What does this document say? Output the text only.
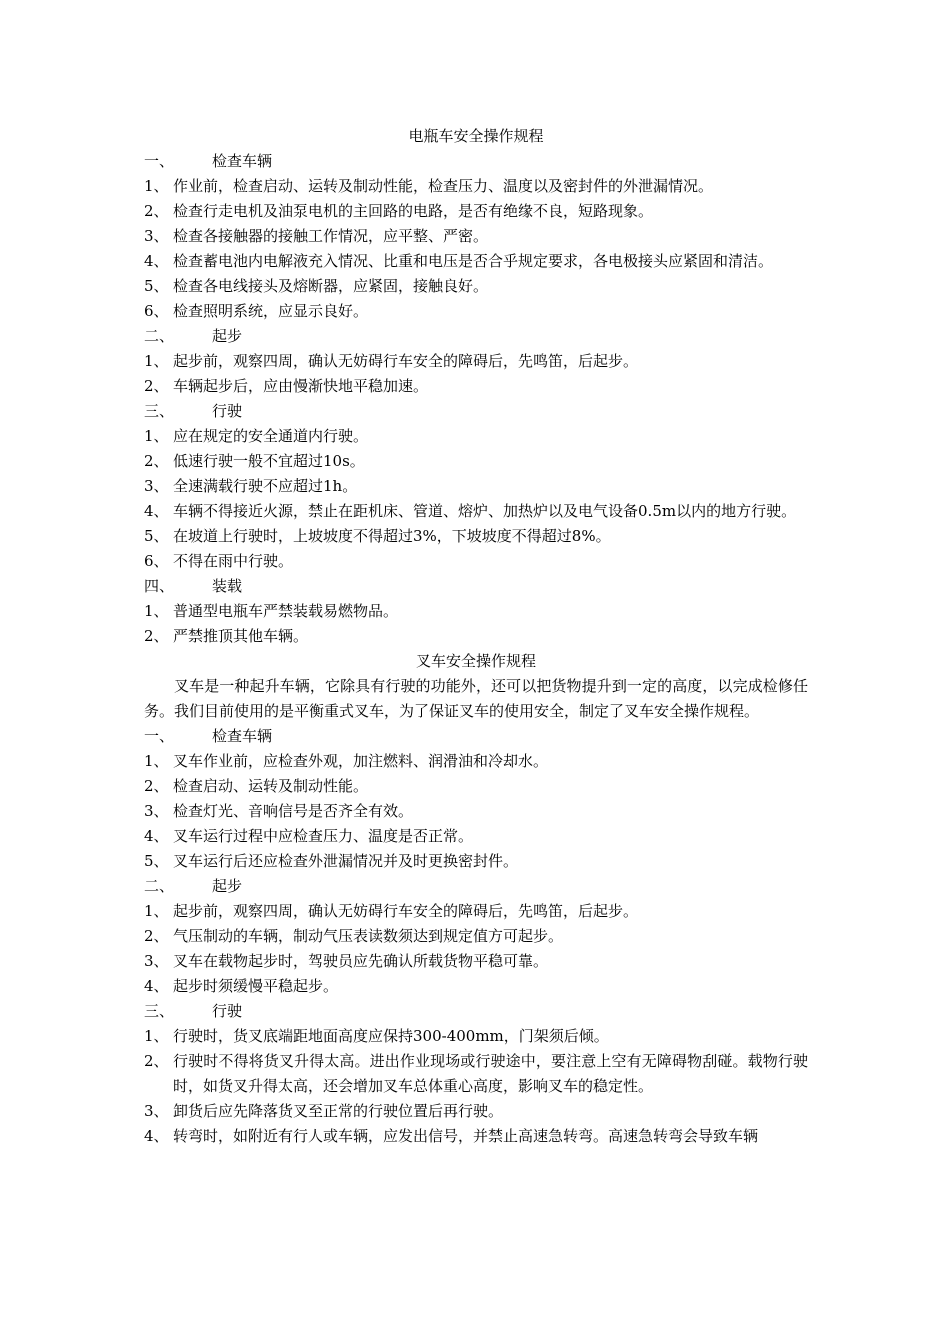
电瓶车安全操作规程
一、	检查车辆
1、 作业前，检查启动、运转及制动性能，检查压力、温度以及密封件的外泄漏情况。
2、 检查行走电机及油泵电机的主回路的电路，是否有绝缘不良，短路现象。
3、 检查各接触器的接触工作情况，应平整、严密。
4、 检查蓄电池内电解液充入情况、比重和电压是否合乎规定要求，各电极接头应紧固和清洁。
5、 检查各电线接头及熔断器，应紧固，接触良好。
6、 检查照明系统，应显示良好。
二、	起步
1、 起步前，观察四周，确认无妨碍行车安全的障碍后，先鸣笛，后起步。
2、 车辆起步后，应由慢渐快地平稳加速。
三、	行驶
1、 应在规定的安全通道内行驶。
2、 低速行驶一般不宜超过10s。
3、 全速满载行驶不应超过1h。
4、 车辆不得接近火源，禁止在距机床、管道、熔炉、加热炉以及电气设备0.5m以内的地方行驶。
5、 在坡道上行驶时，上坡坡度不得超过3%，下坡坡度不得超过8%。
6、 不得在雨中行驶。
四、	装载
1、 普通型电瓶车严禁装载易燃物品。
2、 严禁推顶其他车辆。
叉车安全操作规程
叉车是一种起升车辆，它除具有行驶的功能外，还可以把货物提升到一定的高度，以完成检修任务。我们目前使用的是平衡重式叉车，为了保证叉车的使用安全，制定了叉车安全操作规程。
一、	检查车辆
1、 叉车作业前，应检查外观，加注燃料、润滑油和冷却水。
2、 检查启动、运转及制动性能。
3、 检查灯光、音响信号是否齐全有效。
4、 叉车运行过程中应检查压力、温度是否正常。
5、 叉车运行后还应检查外泄漏情况并及时更换密封件。
二、	起步
1、 起步前，观察四周，确认无妨碍行车安全的障碍后，先鸣笛，后起步。
2、 气压制动的车辆，制动气压表读数须达到规定值方可起步。
3、 叉车在载物起步时，驾驶员应先确认所载货物平稳可靠。
4、 起步时须缓慢平稳起步。
三、	行驶
1、 行驶时，货叉底端距地面高度应保持300-400mm，门架须后倾。
2、 行驶时不得将货叉升得太高。进出作业现场或行驶途中，要注意上空有无障碍物刮碰。载物行驶时，如货叉升得太高，还会增加叉车总体重心高度，影响叉车的稳定性。
3、 卸货后应先降落货叉至正常的行驶位置后再行驶。
4、 转弯时，如附近有行人或车辆，应发出信号，并禁止高速急转弯。高速急转弯会导致车辆
